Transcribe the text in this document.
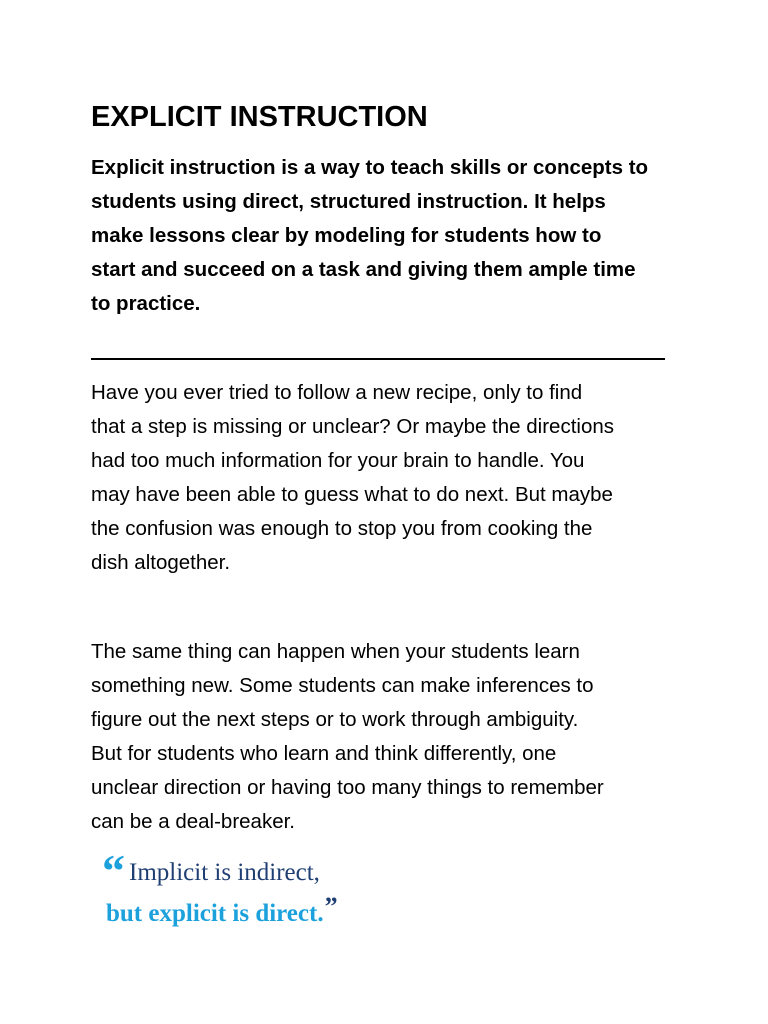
EXPLICIT INSTRUCTION

Explicit instruction is a way to teach skills or concepts to
students using direct, structured instruction. It helps
make lessons clear by modeling for students how to
start and succeed on a task and giving them ample time
to practice.

Have you ever tried to follow a new recipe, only to find
that a step is missing or unclear? Or maybe the directions
had too much information for your brain to handle. You
may have been able to guess what to do next. But maybe
the confusion was enough to stop you from cooking the
dish altogether.

The same thing can happen when your students learn
something new. Some students can make inferences to
figure out the next steps or to work through ambiguity.
But for students who learn and think differently, one
unclear direction or having too many things to remember
can be a deal-breaker.

“ Implicit is indirect,
but explicit is direct.”
